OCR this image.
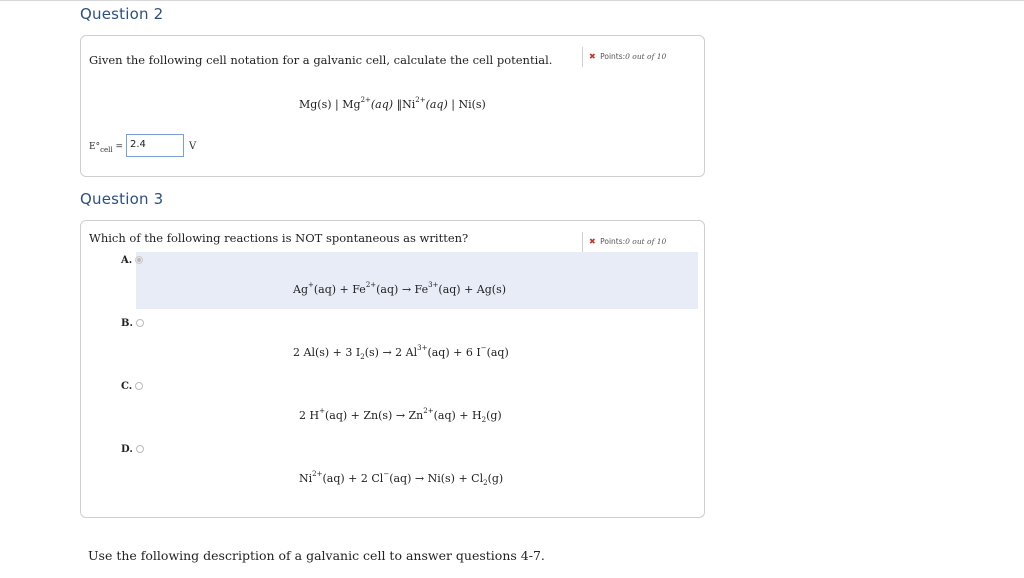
Question 2
Given the following cell notation for a galvanic cell, calculate the cell potential.	✖ Points:0 out of 10
Mg(s) | $Mg^{2+}(aq)$ $‖Ni^{2+}(aq)$ | Ni(s)
$E^\circ_{cell} = 2.4$	V
Question 3
Which of the following reactions is NOT spontaneous as written?	✖ Points:0 out of 10
A.
$Ag^+(aq) + Fe^{2+}(aq) \to Fe^{3+}(aq) + Ag(s)$
B.
2 Al(s) + 3 $I_2(s) \to 2$ $Al^{3+}(aq) + 6$ I−(aq)
C.
2 $H^+(aq) + Zn(s) \to Zn^{2+}(aq) + H_2(g)$
D.
$Ni^{2+}(aq) + 2$ $Cl^-(aq) \to Ni(s) + Cl_2(g)$
Use the following description of a galvanic cell to answer questions 4-7.
